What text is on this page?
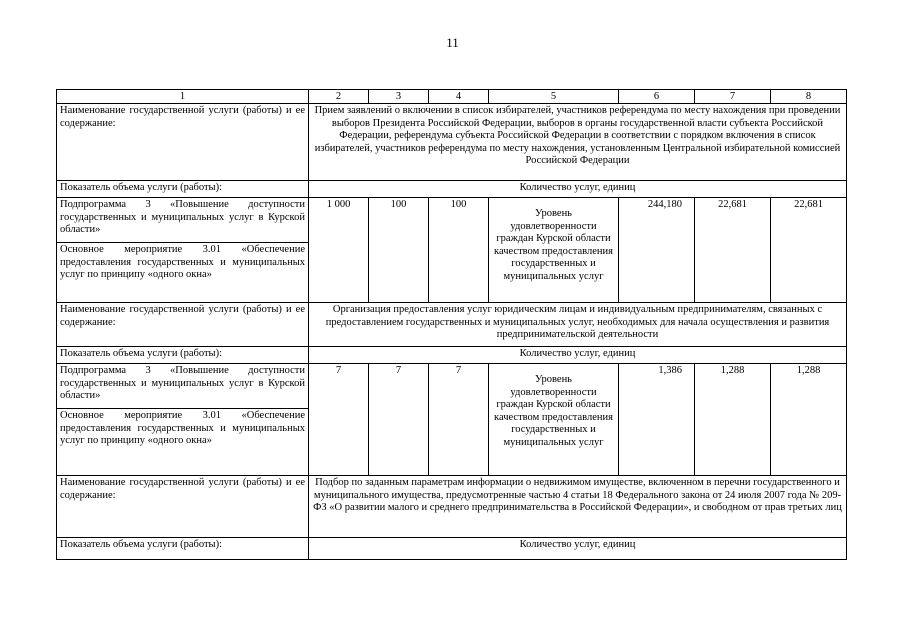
11
1	2	3	4	5	6	7	8
Наименование государственной услуги (работы) и ее содержание:	Прием заявлений о включении в список избирателей, участников референдума по месту нахождения при проведении выборов Президента Российской Федерации, выборов в органы государственной власти субъекта Российской Федерации, референдума субъекта Российской Федерации в соответствии с порядком включения в список избирателей, участников референдума по месту нахождения, установленным Центральной избирательной комиссией Российской Федерации						
Показатель объема услуги (работы):	Количество услуг, единиц						

Подпрограмма 3 «Повышение доступности государственных и муниципальных услуг в Курской области»
Основное мероприятие 3.01 «Обеспечение предоставления государственных и муниципальных услуг по принципу «одного окна»	1 000	100	100	Уровень удовлетворенности граждан Курской области качеством предоставления государственных и муниципальных услуг	244,180	22,681	22,681
Наименование государственной услуги (работы) и ее содержание:	Организация предоставления услуг юридическим лицам и индивидуальным предпринимателям, связанных с предоставлением государственных и муниципальных услуг, необходимых для начала осуществления и развития предпринимательской деятельности						
Показатель объема услуги (работы):	Количество услуг, единиц						

Подпрограмма 3 «Повышение доступности государственных и муниципальных услуг в Курской области»
Основное мероприятие 3.01 «Обеспечение предоставления государственных и муниципальных услуг по принципу «одного окна»	7	7	7	Уровень удовлетворенности граждан Курской области качеством предоставления государственных и муниципальных услуг	1,386	1,288	1,288
Наименование государственной услуги (работы) и ее содержание:	Подбор по заданным параметрам информации о недвижимом имуществе, включенном в перечни государственного и муниципального имущества, предусмотренные частью 4 статьи 18 Федерального закона от 24 июля 2007 года № 209-ФЗ «О развитии малого и среднего предпринимательства в Российской Федерации», и свободном от прав третьих лиц						
Показатель объема услуги (работы):	Количество услуг, единиц						
